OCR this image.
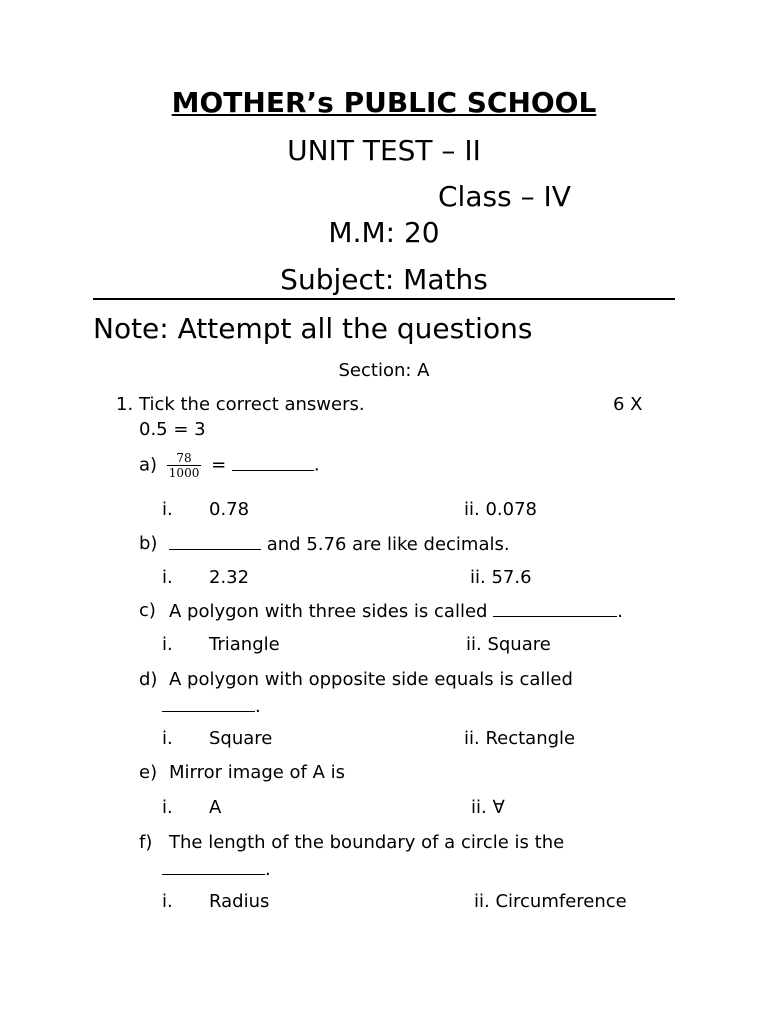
MOTHER’s PUBLIC SCHOOL
UNIT TEST – II
Class – IV
M.M: 20
Subject: Maths
Note: Attempt all the questions
Section: A
1. Tick the correct answers.	6 X
0.5 = 3
$a) \frac{78}{1000}$ =	.
i. 0.78	ii. 0.078
b)	and 5.76 are like decimals.
i. 2.32	ii. 57.6
c) A polygon with three sides is called	.
i. Triangle	ii. Square
d) A polygon with opposite side equals is called
.
i. Square	ii. Rectangle
e) Mirror image of A is
i. A	ii. ∀
f) The length of the boundary of a circle is the
.
i. Radius	ii. Circumference
